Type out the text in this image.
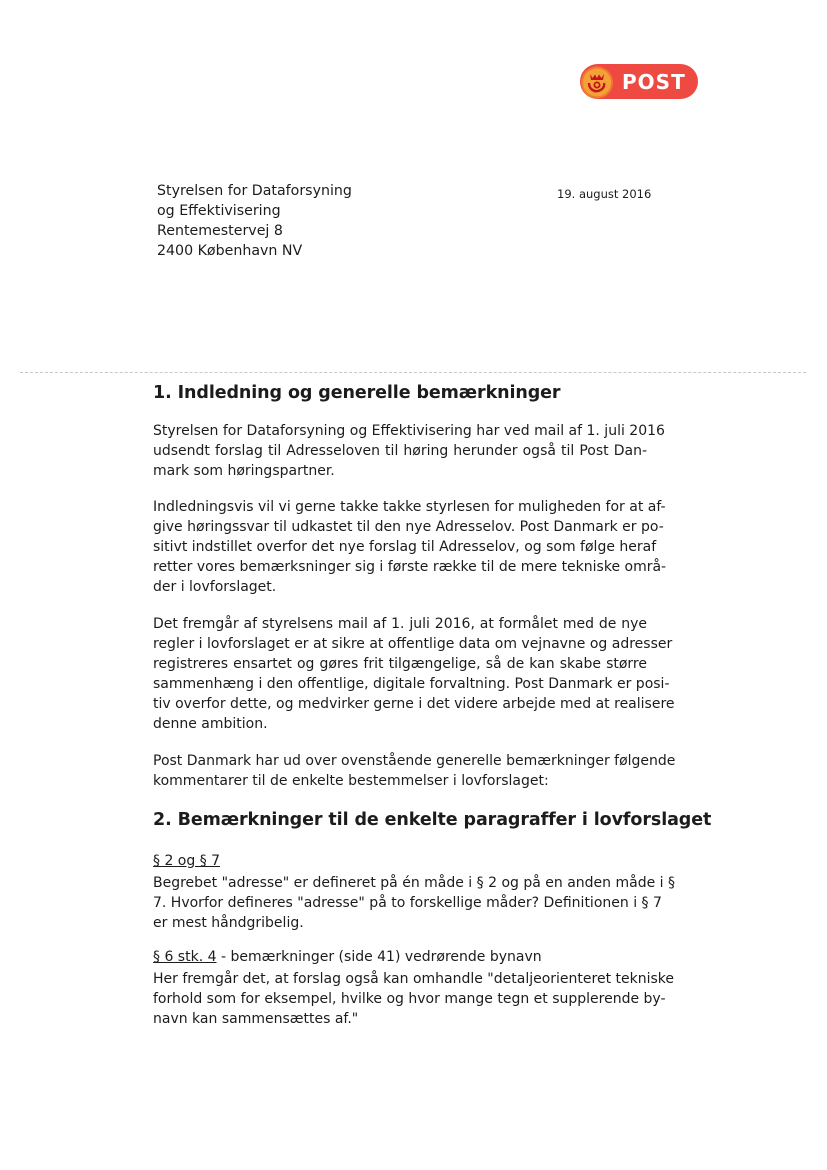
POST
Styrelsen for Dataforsyning
og Effektivisering
Rentemestervej 8
2400 København NV
19. august 2016
1. Indledning og generelle bemærkninger

Styrelsen for Dataforsyning og Effektivisering har ved mail af 1. juli 2016
udsendt forslag til Adresseloven til høring herunder også til Post Dan-
mark som høringspartner.

Indledningsvis vil vi gerne takke takke styrlesen for muligheden for at af-
give høringssvar til udkastet til den nye Adresselov. Post Danmark er po-
sitivt indstillet overfor det nye forslag til Adresselov, og som følge heraf
retter vores bemærksninger sig i første række til de mere tekniske områ-
der i lovforslaget.

Det fremgår af styrelsens mail af 1. juli 2016, at formålet med de nye
regler i lovforslaget er at sikre at offentlige data om vejnavne og adresser
registreres ensartet og gøres frit tilgængelige, så de kan skabe større
sammenhæng i den offentlige, digitale forvaltning. Post Danmark er posi-
tiv overfor dette, og medvirker gerne i det videre arbejde med at realisere
denne ambition.

Post Danmark har ud over ovenstående generelle bemærkninger følgende
kommentarer til de enkelte bestemmelser i lovforslaget:

2. Bemærkninger til de enkelte paragraffer i lovforslaget
§ 2 og § 7

Begrebet "adresse" er defineret på én måde i § 2 og på en anden måde i §
7. Hvorfor defineres "adresse" på to forskellige måder? Definitionen i § 7
er mest håndgribelig.

§ 6 stk. 4 - bemærkninger (side 41) vedrørende bynavn

Her fremgår det, at forslag også kan omhandle "detaljeorienteret tekniske
forhold som for eksempel, hvilke og hvor mange tegn et supplerende by-
navn kan sammensættes af."
